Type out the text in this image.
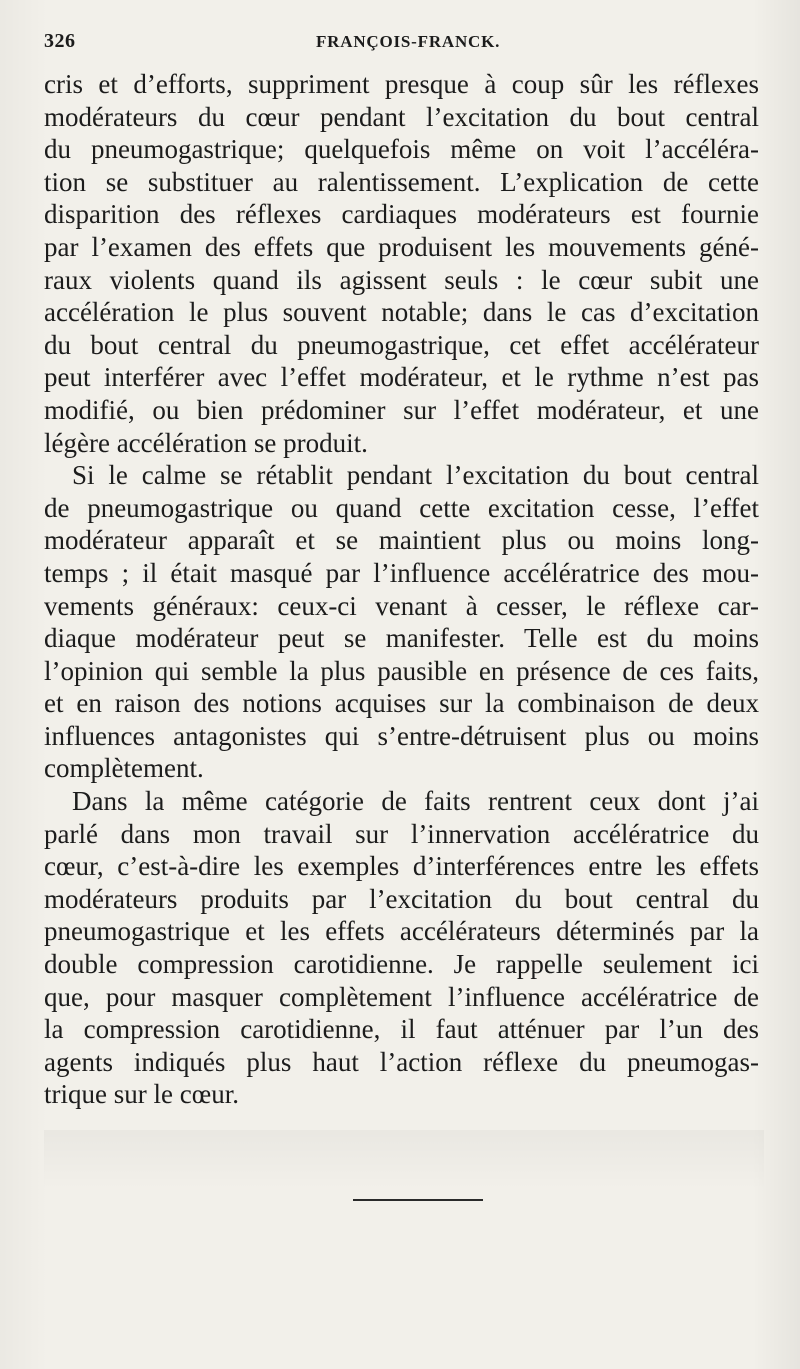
326	FRANÇOIS-FRANCK.
cris et d’efforts, suppriment presque à coup sûr les réflexes
modérateurs du cœur pendant l’excitation du bout central
du pneumogastrique; quelquefois même on voit l’accéléra-
tion se substituer au ralentissement. L’explication de cette
disparition des réflexes cardiaques modérateurs est fournie
par l’examen des effets que produisent les mouvements géné-
raux violents quand ils agissent seuls : le cœur subit une
accélération le plus souvent notable; dans le cas d’excitation
du bout central du pneumogastrique, cet effet accélérateur
peut interférer avec l’effet modérateur, et le rythme n’est pas
modifié, ou bien prédominer sur l’effet modérateur, et une
légère accélération se produit.
Si le calme se rétablit pendant l’excitation du bout central
de pneumogastrique ou quand cette excitation cesse, l’effet
modérateur apparaît et se maintient plus ou moins long-
temps ; il était masqué par l’influence accélératrice des mou-
vements généraux: ceux-ci venant à cesser, le réflexe car-
diaque modérateur peut se manifester. Telle est du moins
l’opinion qui semble la plus pausible en présence de ces faits,
et en raison des notions acquises sur la combinaison de deux
influences antagonistes qui s’entre-détruisent plus ou moins
complètement.
Dans la même catégorie de faits rentrent ceux dont j’ai
parlé dans mon travail sur l’innervation accélératrice du
cœur, c’est-à-dire les exemples d’interférences entre les effets
modérateurs produits par l’excitation du bout central du
pneumogastrique et les effets accélérateurs déterminés par la
double compression carotidienne. Je rappelle seulement ici
que, pour masquer complètement l’influence accélératrice de
la compression carotidienne, il faut atténuer par l’un des
agents indiqués plus haut l’action réflexe du pneumogas-
trique sur le cœur.
